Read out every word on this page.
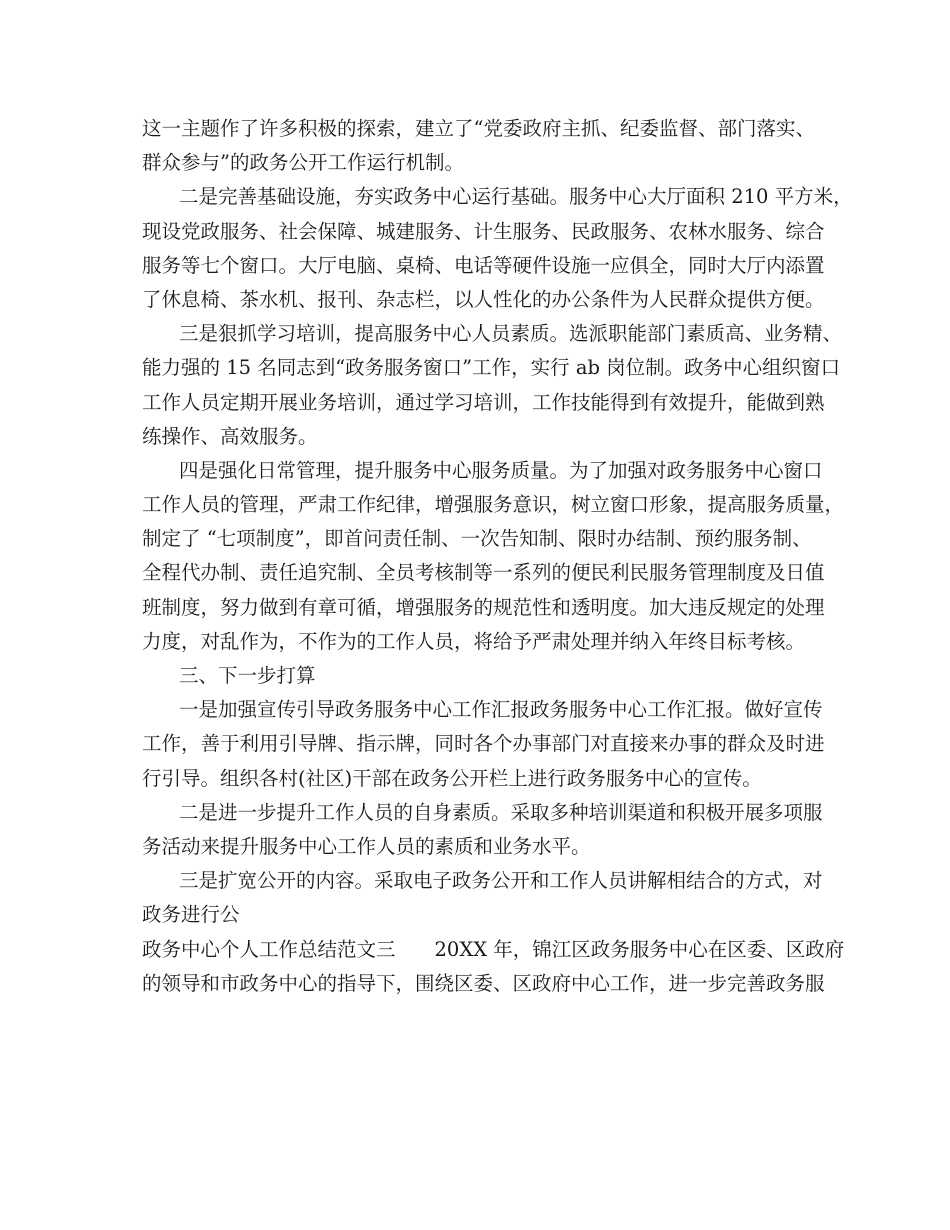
这一主题作了许多积极的探索，建立了“党委政府主抓、纪委监督、部门落实、
群众参与”的政务公开工作运行机制。
二是完善基础设施，夯实政务中心运行基础。服务中心大厅面积 210 平方米，
现设党政服务、社会保障、城建服务、计生服务、民政服务、农林水服务、综合
服务等七个窗口。大厅电脑、桌椅、电话等硬件设施一应俱全，同时大厅内添置
了休息椅、茶水机、报刊、杂志栏，以人性化的办公条件为人民群众提供方便。
三是狠抓学习培训，提高服务中心人员素质。选派职能部门素质高、业务精、
能力强的 15 名同志到“政务服务窗口”工作，实行 ab 岗位制。政务中心组织窗口
工作人员定期开展业务培训，通过学习培训，工作技能得到有效提升，能做到熟
练操作、高效服务。
四是强化日常管理，提升服务中心服务质量。为了加强对政务服务中心窗口
工作人员的管理，严肃工作纪律，增强服务意识，树立窗口形象，提高服务质量，
制定了 “七项制度”，即首问责任制、一次告知制、限时办结制、预约服务制、
全程代办制、责任追究制、全员考核制等一系列的便民利民服务管理制度及日值
班制度，努力做到有章可循，增强服务的规范性和透明度。加大违反规定的处理
力度，对乱作为，不作为的工作人员，将给予严肃处理并纳入年终目标考核。
三、下一步打算
一是加强宣传引导政务服务中心工作汇报政务服务中心工作汇报。做好宣传
工作，善于利用引导牌、指示牌，同时各个办事部门对直接来办事的群众及时进
行引导。组织各村(社区)干部在政务公开栏上进行政务服务中心的宣传。
二是进一步提升工作人员的自身素质。采取多种培训渠道和积极开展多项服
务活动来提升服务中心工作人员的素质和业务水平。
三是扩宽公开的内容。采取电子政务公开和工作人员讲解相结合的方式，对
政务进行公
政务中心个人工作总结范文三　　20XX 年，锦江区政务服务中心在区委、区政府
的领导和市政务中心的指导下，围绕区委、区政府中心工作，进一步完善政务服
